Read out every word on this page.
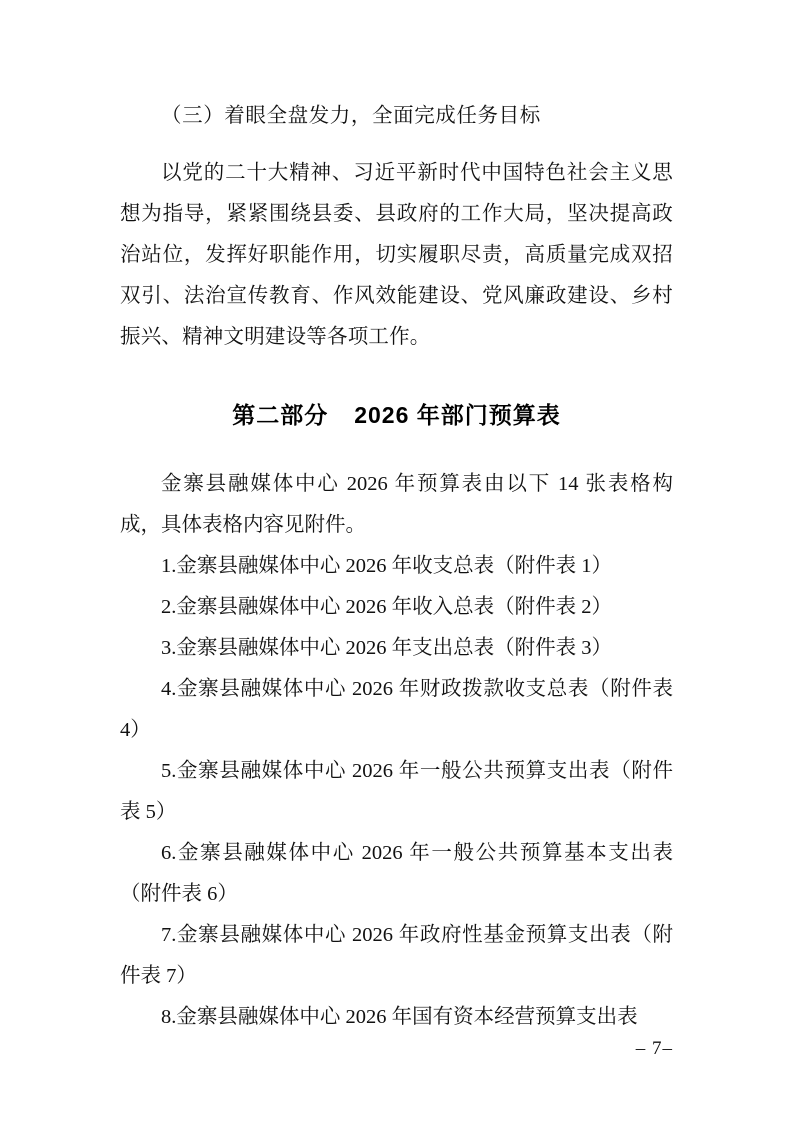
（三）着眼全盘发力，全面完成任务目标

以党的二十大精神、习近平新时代中国特色社会主义思想为指导，紧紧围绕县委、县政府的工作大局，坚决提高政治站位，发挥好职能作用，切实履职尽责，高质量完成双招双引、法治宣传教育、作风效能建设、党风廉政建设、乡村振兴、精神文明建设等各项工作。

第二部分 2026 年部门预算表

金寨县融媒体中心 2026 年预算表由以下 14 张表格构成，具体表格内容见附件。

1.金寨县融媒体中心 2026 年收支总表（附件表 1）

2.金寨县融媒体中心 2026 年收入总表（附件表 2）

3.金寨县融媒体中心 2026 年支出总表（附件表 3）

4.金寨县融媒体中心 2026 年财政拨款收支总表（附件表 4）

5.金寨县融媒体中心 2026 年一般公共预算支出表（附件表 5）

6.金寨县融媒体中心 2026 年一般公共预算基本支出表（附件表 6）

7.金寨县融媒体中心 2026 年政府性基金预算支出表（附件表 7）

8.金寨县融媒体中心 2026 年国有资本经营预算支出表

– 7–
